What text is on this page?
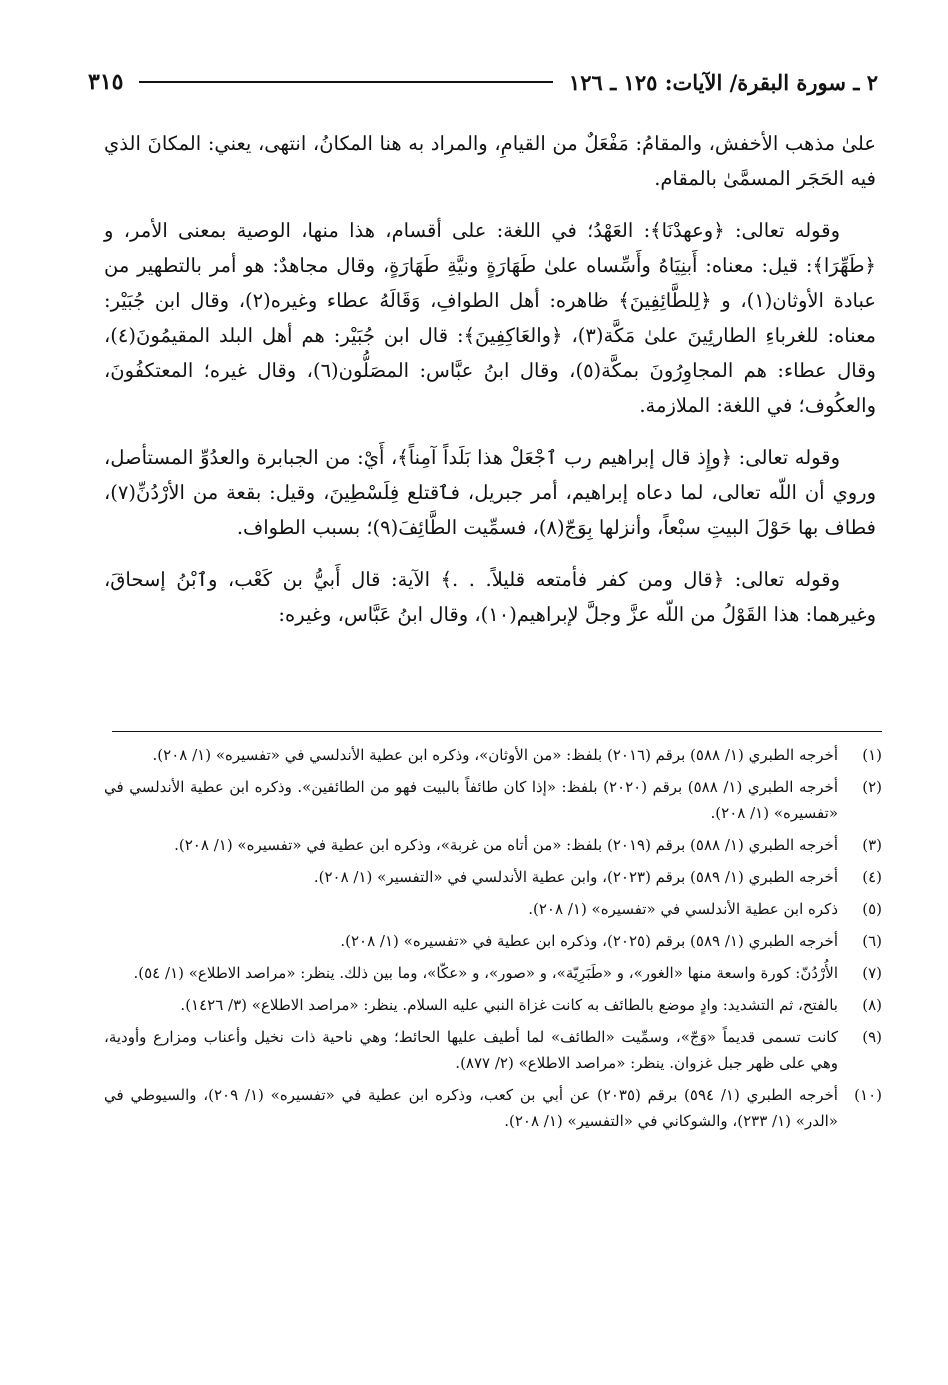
٢ ـ سورة البقرة/ الآيات: ١٢٥ ـ ١٢٦
٣١٥

علىٰ مذهب الأخفش، والمقامُ: مَفْعَلٌ من القيامِ، والمراد به هنا المكانُ، انتهى، يعني: المكانَ الذي فيه الحَجَر المسمَّىٰ بالمقام.

وقوله تعالى: ﴿وعهدْنَا﴾: العَهْدُ؛ في اللغة: على أقسام، هذا منها، الوصية بمعنى الأمر، و ﴿طَهِّرَا﴾: قيل: معناه: أَبنِيَاهُ وأَسِّساه علىٰ طَهَارَةٍ ونيَّةِ طَهَارَةٍ، وقال مجاهدٌ: هو أمر بالتطهير من عبادة الأوثان(١)، و ﴿لِلطَّائِفِينَ﴾ ظاهره: أهل الطوافِ، وَقَالَهُ عطاء وغيره(٢)، وقال ابن جُبَيْر: معناه: للغرباءِ الطارئِينَ علىٰ مَكَّة(٣)، ﴿والعَاكِفِينَ﴾: قال ابن جُبَيْر: هم أهل البلد المقيمُونَ(٤)، وقال عطاء: هم المجاوِرُونَ بمكَّة(٥)، وقال ابنُ عبَّاس: المصَلُّون(٦)، وقال غيره؛ المعتكفُونَ، والعكُوف؛ في اللغة: الملازمة.

وقوله تعالى: ﴿وإِذ قال إبراهيم رب ٱجْعَلْ هذا بَلَداً آمِناً﴾، أَيْ: من الجبابرة والعدُوِّ المستأصل، وروي أن اللّه تعالى، لما دعاه إبراهيم، أمر جبريل، فٱقتلع فِلَسْطِينَ، وقيل: بقعة من الأرْدُنِّ(٧)، فطاف بها حَوْلَ البيتِ سبْعاً، وأنزلها بِوَجّ(٨)، فسمِّيت الطَّائِفَ(٩)؛ بسبب الطواف.

وقوله تعالى: ﴿قال ومن كفر فأمتعه قليلاً. . .﴾ الآية: قال أَبيُّ بن كَعْب، وٱبْنُ إسحاقَ، وغيرهما: هذا القَوْلُ من اللّه عزَّ وجلَّ لإبراهيم(١٠)، وقال ابنُ عَبَّاس، وغيره:

(١)
أخرجه الطبري (١/ ٥٨٨) برقم (٢٠١٦) بلفظ: «من الأوثان»، وذكره ابن عطية الأندلسي في «تفسيره» (١/ ٢٠٨).
(٢)
أخرجه الطبري (١/ ٥٨٨) برقم (٢٠٢٠) بلفظ: «إذا كان طائفاً بالبيت فهو من الطائفين». وذكره ابن عطية الأندلسي في «تفسيره» (١/ ٢٠٨).
(٣)
أخرجه الطبري (١/ ٥٨٨) برقم (٢٠١٩) بلفظ: «من أتاه من غربة»، وذكره ابن عطية في «تفسيره» (١/ ٢٠٨).
(٤)
أخرجه الطبري (١/ ٥٨٩) برقم (٢٠٢٣)، وابن عطية الأندلسي في «التفسير» (١/ ٢٠٨).
(٥)
ذكره ابن عطية الأندلسي في «تفسيره» (١/ ٢٠٨).
(٦)
أخرجه الطبري (١/ ٥٨٩) برقم (٢٠٢٥)، وذكره ابن عطية في «تفسيره» (١/ ٢٠٨).
(٧)
الأُرْدُنّ: كورة واسعة منها «الغور»، و «طَبَرِيّة»، و «صور»، و «عكّا»، وما بين ذلك. ينظر: «مراصد الاطلاع» (١/ ٥٤).
(٨)
بالفتح، ثم التشديد: وادٍ موضع بالطائف به كانت غزاة النبي عليه السلام. ينظر: «مراصد الاطلاع» (٣/ ١٤٢٦).
(٩)
كانت تسمى قديماً «وَجّ»، وسمِّيت «الطائف» لما أطيف عليها الحائط؛ وهي ناحية ذات نخيل وأعناب ومزارع وأودية، وهي على ظهر جبل غزوان. ينظر: «مراصد الاطلاع» (٢/ ٨٧٧).
(١٠)
أخرجه الطبري (١/ ٥٩٤) برقم (٢٠٣٥) عن أبي بن كعب، وذكره ابن عطية في «تفسيره» (١/ ٢٠٩)، والسيوطي في «الدر» (١/ ٢٣٣)، والشوكاني في «التفسير» (١/ ٢٠٨).
